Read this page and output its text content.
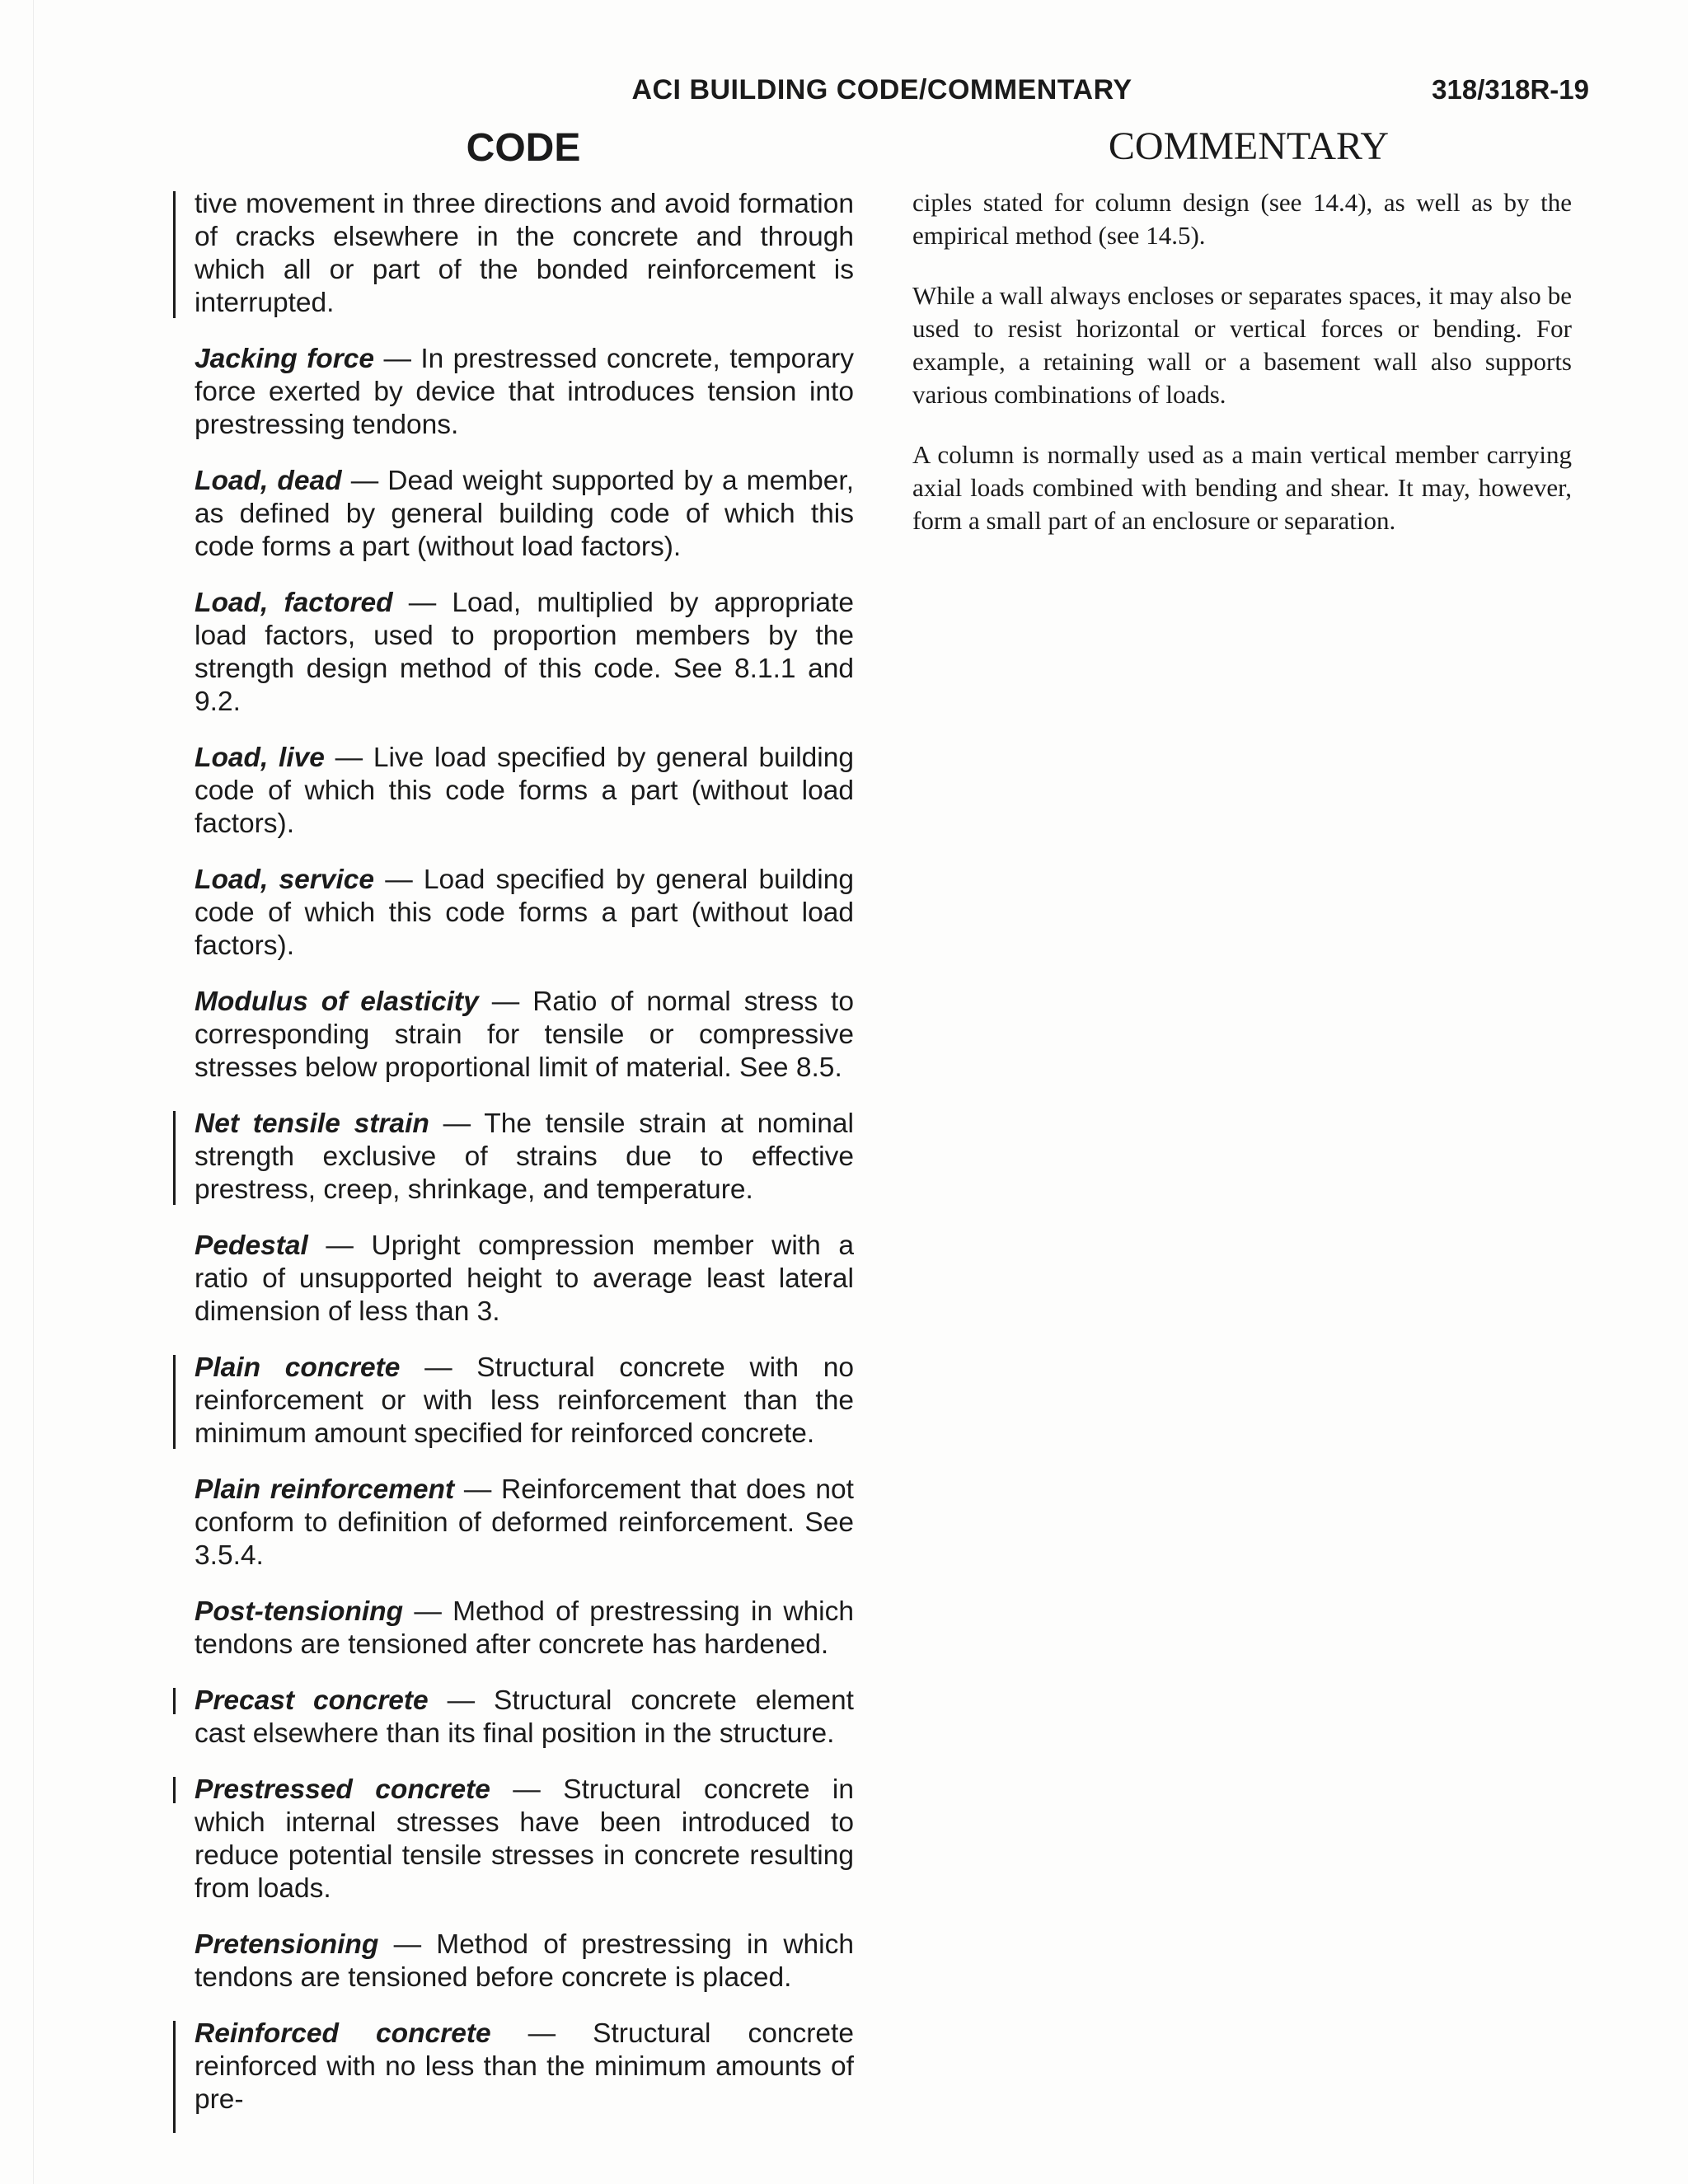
ACI BUILDING CODE/COMMENTARY	318/318R-19
CODE	COMMENTARY

tive movement in three directions and avoid formation of cracks elsewhere in the concrete and through which all or part of the bonded reinforcement is interrupted.

Jacking force — In prestressed concrete, temporary force exerted by device that introduces tension into prestressing tendons.

Load, dead — Dead weight supported by a member, as defined by general building code of which this code forms a part (without load factors).

Load, factored — Load, multiplied by appropriate load factors, used to proportion members by the strength design method of this code. See 8.1.1 and 9.2.

Load, live — Live load specified by general building code of which this code forms a part (without load factors).

Load, service — Load specified by general building code of which this code forms a part (without load factors).

Modulus of elasticity — Ratio of normal stress to corresponding strain for tensile or compressive stresses below proportional limit of material. See 8.5.

Net tensile strain — The tensile strain at nominal strength exclusive of strains due to effective prestress, creep, shrinkage, and temperature.

Pedestal — Upright compression member with a ratio of unsupported height to average least lateral dimension of less than 3.

Plain concrete — Structural concrete with no reinforcement or with less reinforcement than the minimum amount specified for reinforced concrete.

Plain reinforcement — Reinforcement that does not conform to definition of deformed reinforcement. See 3.5.4.

Post-tensioning — Method of prestressing in which tendons are tensioned after concrete has hardened.

Precast concrete — Structural concrete element cast elsewhere than its final position in the structure.

Prestressed concrete — Structural concrete in which internal stresses have been introduced to reduce potential tensile stresses in concrete resulting from loads.

Pretensioning — Method of prestressing in which tendons are tensioned before concrete is placed.

Reinforced concrete — Structural concrete reinforced with no less than the minimum amounts of pre-

ciples stated for column design (see 14.4), as well as by the empirical method (see 14.5).

While a wall always encloses or separates spaces, it may also be used to resist horizontal or vertical forces or bending. For example, a retaining wall or a basement wall also supports various combinations of loads.

A column is normally used as a main vertical member carrying axial loads combined with bending and shear. It may, however, form a small part of an enclosure or separation.
